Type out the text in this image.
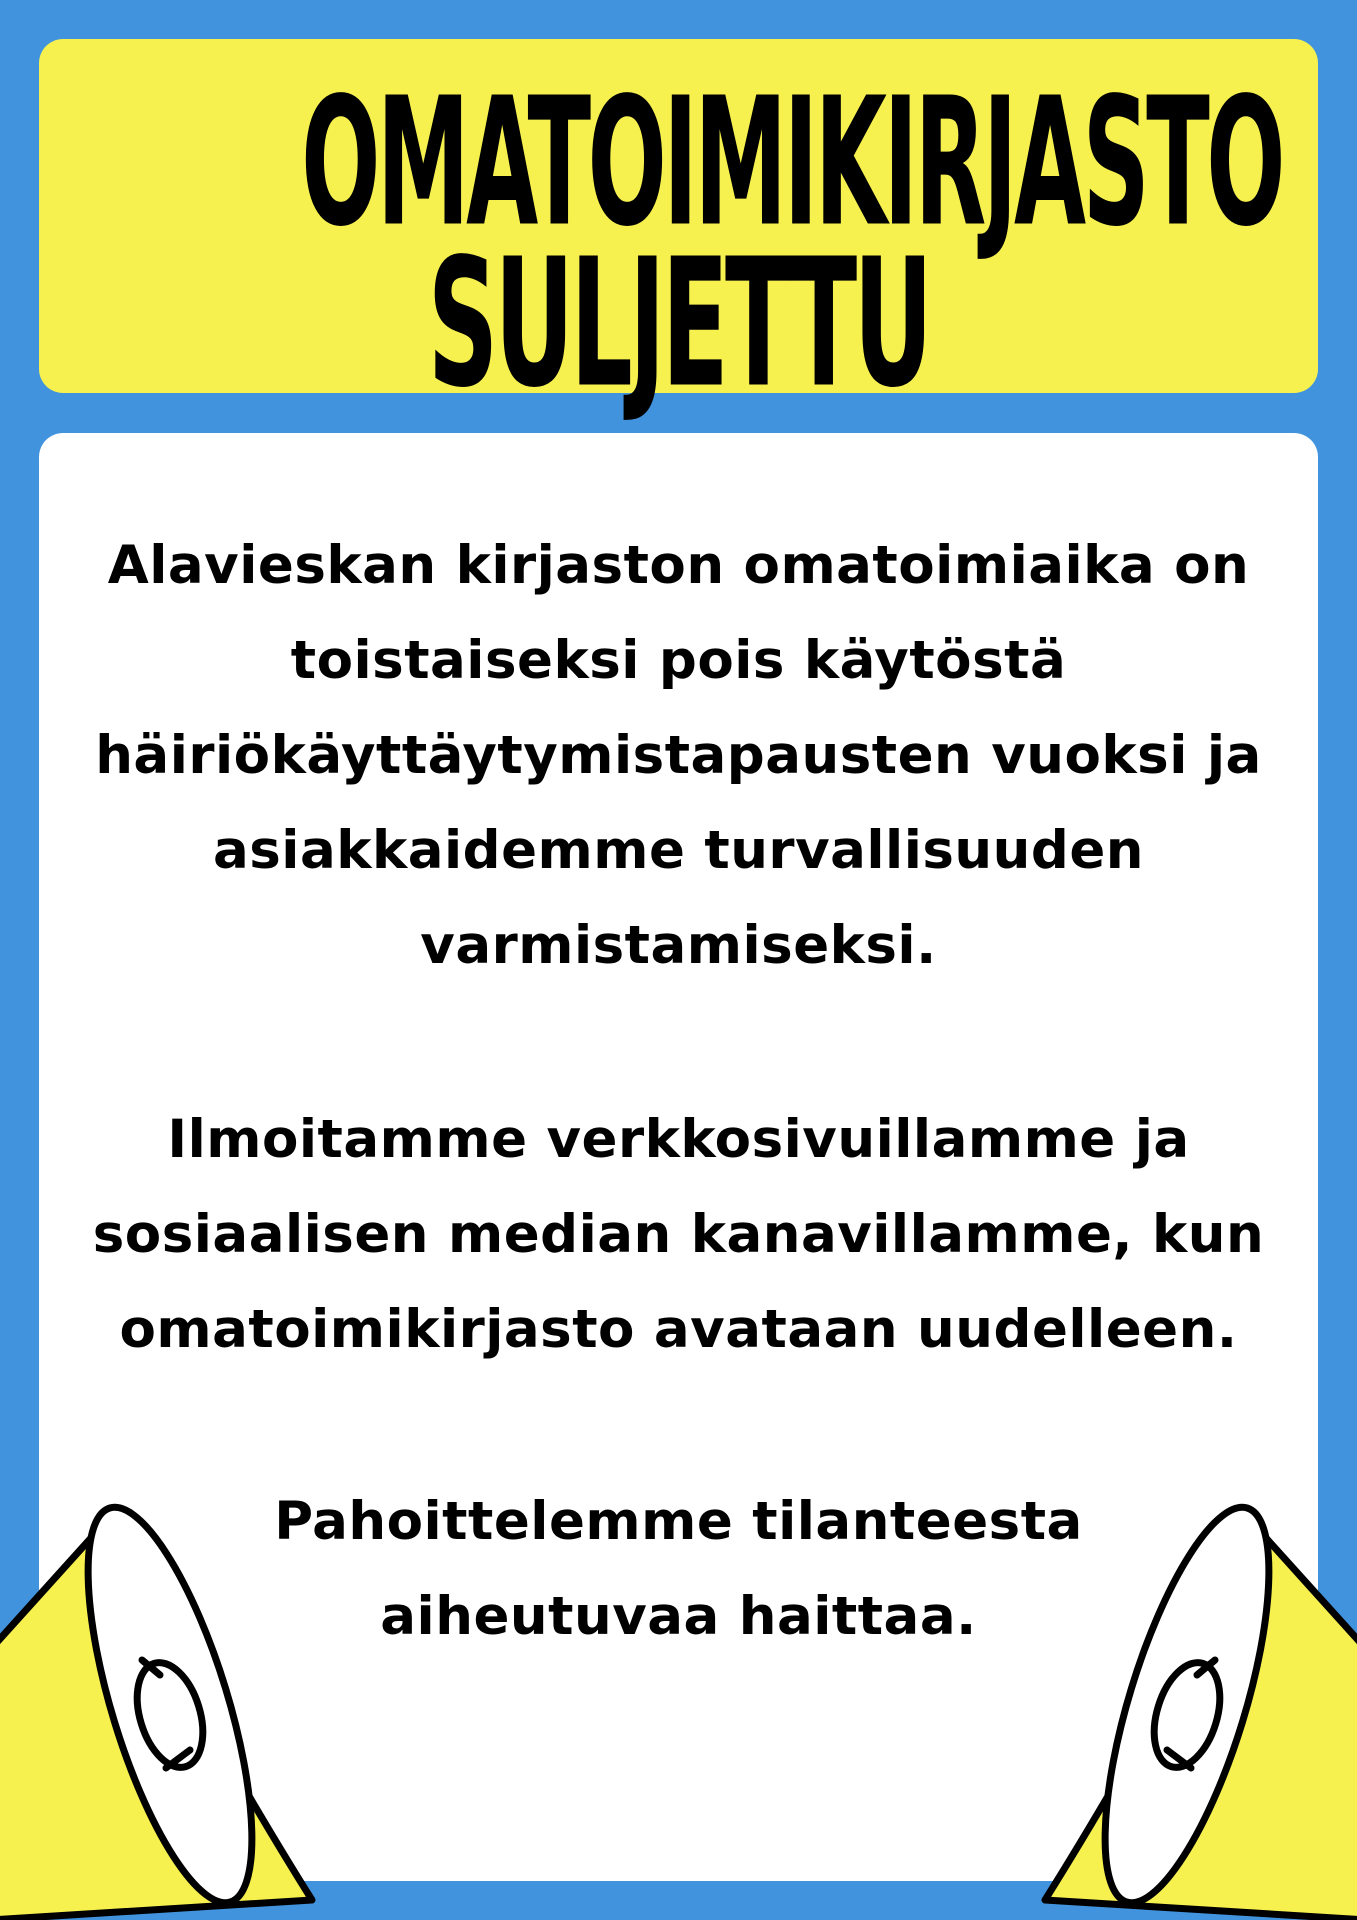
OMATOIMIKIRJASTO
SULJETTU

Alavieskan kirjaston omatoimiaika on
toistaiseksi pois käytöstä
häiriökäyttäytymistapausten vuoksi ja
asiakkaidemme turvallisuuden
varmistamiseksi.

Ilmoitamme verkkosivuillamme ja
sosiaalisen median kanavillamme, kun
omatoimikirjasto avataan uudelleen.

Pahoittelemme tilanteesta
aiheutuvaa haittaa.
